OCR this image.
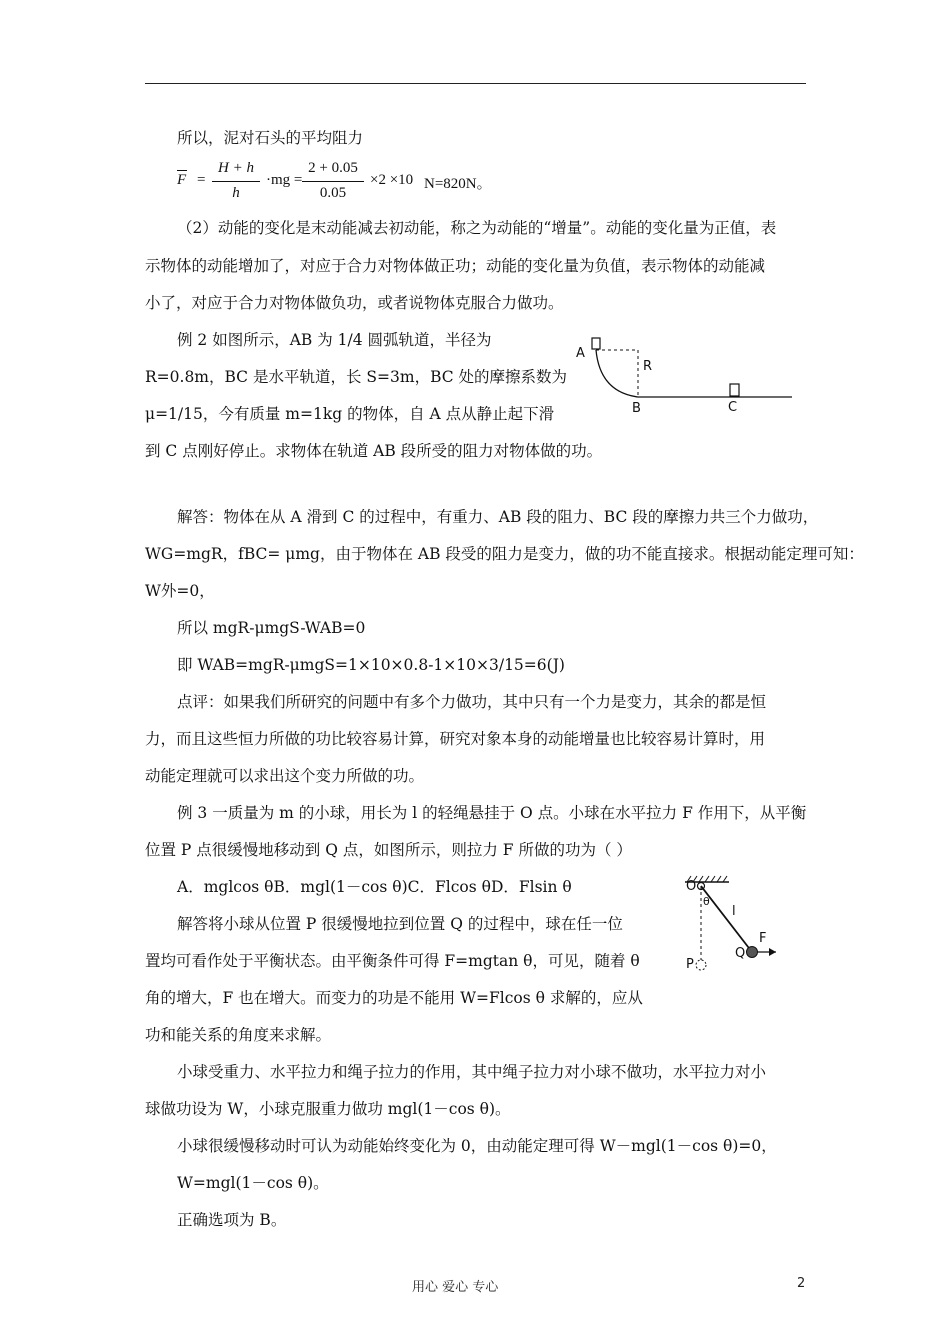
所以，泥对石头的平均阻力
F =
H + h
h
·mg =
2 + 0.05
0.05
×2 ×10 N=820N。
（2）动能的变化是末动能减去初动能，称之为动能的“增量”。动能的变化量为正值，表
示物体的动能增加了，对应于合力对物体做正功；动能的变化量为负值，表示物体的动能减
小了，对应于合力对物体做负功，或者说物体克服合力做功。
例 2 如图所示，AB 为 1/4 圆弧轨道，半径为
R=0.8m，BC 是水平轨道，长 S=3m，BC 处的摩擦系数为
μ=1/15，今有质量 m=1kg 的物体，自 A 点从静止起下滑
到 C 点刚好停止。求物体在轨道 AB 段所受的阻力对物体做的功。
A
R
B	C
解答：物体在从 A 滑到 C 的过程中，有重力、AB 段的阻力、BC 段的摩擦力共三个力做功，
WG=mgR，fBC= μmg，由于物体在 AB 段受的阻力是变力，做的功不能直接求。根据动能定理可知：
W外=0，
所以 mgR-μmgS-WAB=0
即 WAB=mgR-μmgS=1×10×0.8-1×10×3/15=6(J)
点评：如果我们所研究的问题中有多个力做功，其中只有一个力是变力，其余的都是恒
力，而且这些恒力所做的功比较容易计算，研究对象本身的动能增量也比较容易计算时，用
动能定理就可以求出这个变力所做的功。
例 3 一质量为 m 的小球，用长为 l 的轻绳悬挂于 O 点。小球在水平拉力 F 作用下，从平衡
位置 P 点很缓慢地移动到 Q 点，如图所示，则拉力 F 所做的功为（ ）
A．mglcos θB．mgl(1－cos θ)C．Flcos θD．Flsin θ
解答将小球从位置 P 很缓慢地拉到位置 Q 的过程中，球在任一位
置均可看作处于平衡状态。由平衡条件可得 F=mgtan θ，可见，随着 θ
角的增大，F 也在增大。而变力的功是不能用 W=Flcos θ 求解的，应从
功和能关系的角度来求解。
O
θ
l
Q
F
P
小球受重力、水平拉力和绳子拉力的作用，其中绳子拉力对小球不做功，水平拉力对小
球做功设为 W，小球克服重力做功 mgl(1－cos θ)。
小球很缓慢移动时可认为动能始终变化为 0，由动能定理可得 W－mgl(1－cos θ)=0，
W=mgl(1－cos θ)。
正确选项为 B。
用心 爱心 专心	2
